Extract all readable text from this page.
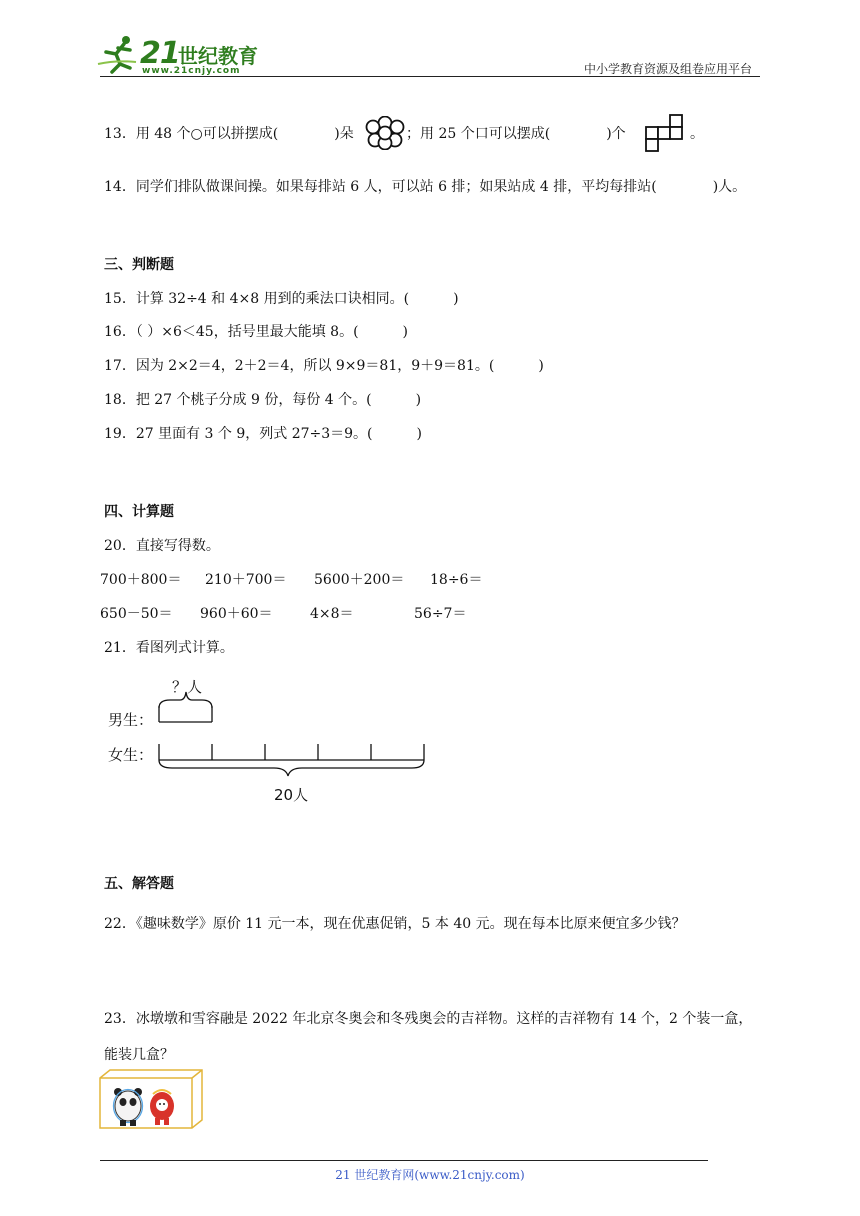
21
世纪教育
www.21cnjy.com	中小学教育资源及组卷应用平台
13．用 48 个○可以拼摆成(	)朵	；用 25 个口可以摆成(	)个	。
14．同学们排队做课间操。如果每排站 6 人，可以站 6 排；如果站成 4 排，平均每排站(	)人。
三、判断题
15．计算 32÷4 和 4×8 用到的乘法口诀相同。(	)
16．（ ）×6＜45，括号里最大能填 8。(	)
17．因为 2×2＝4，2＋2＝4，所以 9×9＝81，9＋9＝81。(	)
18．把 27 个桃子分成 9 份，每份 4 个。(	)
19．27 里面有 3 个 9，列式 27÷3＝9。(	)
四、计算题
20．直接写得数。
700＋800＝ 210＋700＝ 5600＋200＝ 18÷6＝
650－50＝ 960＋60＝	4×8＝	56÷7＝
21．看图列式计算。
？人
男生：
女生：
20人
五、解答题
22．《趣味数学》原价 11 元一本，现在优惠促销，5 本 40 元。现在每本比原来便宜多少钱？
23．冰墩墩和雪容融是 2022 年北京冬奥会和冬残奥会的吉祥物。这样的吉祥物有 14 个，2 个装一盒，
能装几盒？
21 世纪教育网(www.21cnjy.com)
